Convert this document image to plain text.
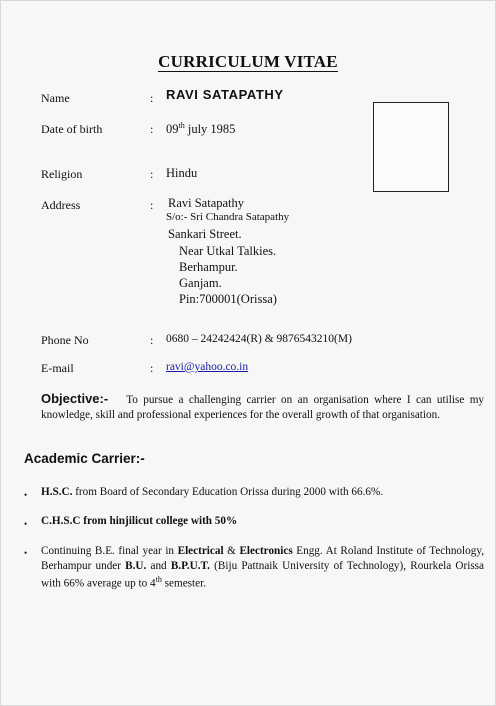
CURRICULUM VITAE
Name	: RAVI SATAPATHY
Date of birth	: 09th july 1985
Religion	: Hindu
Address	: Ravi Satapathy
S/o:- Sri Chandra Satapathy
Sankari Street.
Near Utkal Talkies.
Berhampur.
Ganjam.
Pin:700001(Orissa)
Phone No	: 0680 – 24242424(R) & 9876543210(M)
E-mail	: ravi@yahoo.co.in
Objective:- To pursue a challenging carrier on an organisation where I can utilise my knowledge, skill and professional experiences for the overall growth of that organisation.
Academic Carrier:-
• H.S.C. from Board of Secondary Education Orissa during 2000 with 66.6%.
• C.H.S.C from hinjilicut college with 50%
• Continuing B.E. final year in Electrical & Electronics Engg. At Roland Institute of Technology, Berhampur under B.U. and B.P.U.T. (Biju Pattnaik University of Technology), Rourkela Orissa with 66% average up to 4th semester.
